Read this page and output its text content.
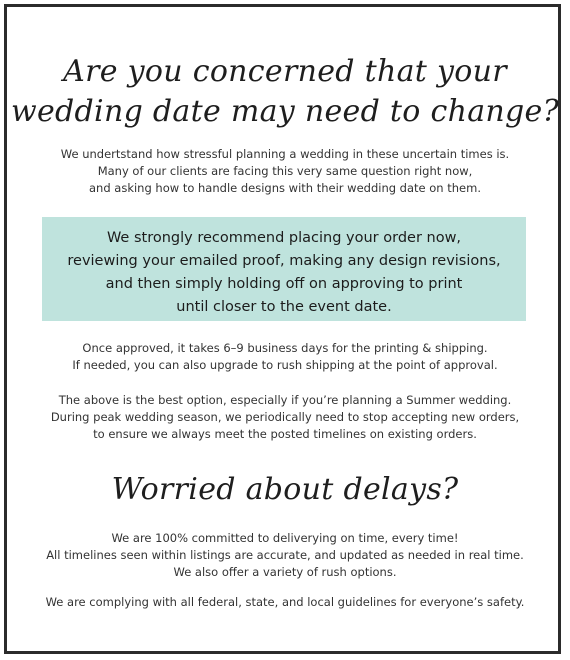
Are you concerned that your
wedding date may need to change?
We undertstand how stressful planning a wedding in these uncertain times is.
Many of our clients are facing this very same question right now,
and asking how to handle designs with their wedding date on them.
We strongly recommend placing your order now,
reviewing your emailed proof, making any design revisions,
and then simply holding off on approving to print
until closer to the event date.
Once approved, it takes 6–9 business days for the printing & shipping.
If needed, you can also upgrade to rush shipping at the point of approval.
The above is the best option, especially if you’re planning a Summer wedding.
During peak wedding season, we periodically need to stop accepting new orders,
to ensure we always meet the posted timelines on existing orders.
Worried about delays?
We are 100% committed to deliverying on time, every time!
All timelines seen within listings are accurate, and updated as needed in real time.
We also offer a variety of rush options.
We are complying with all federal, state, and local guidelines for everyone’s safety.
